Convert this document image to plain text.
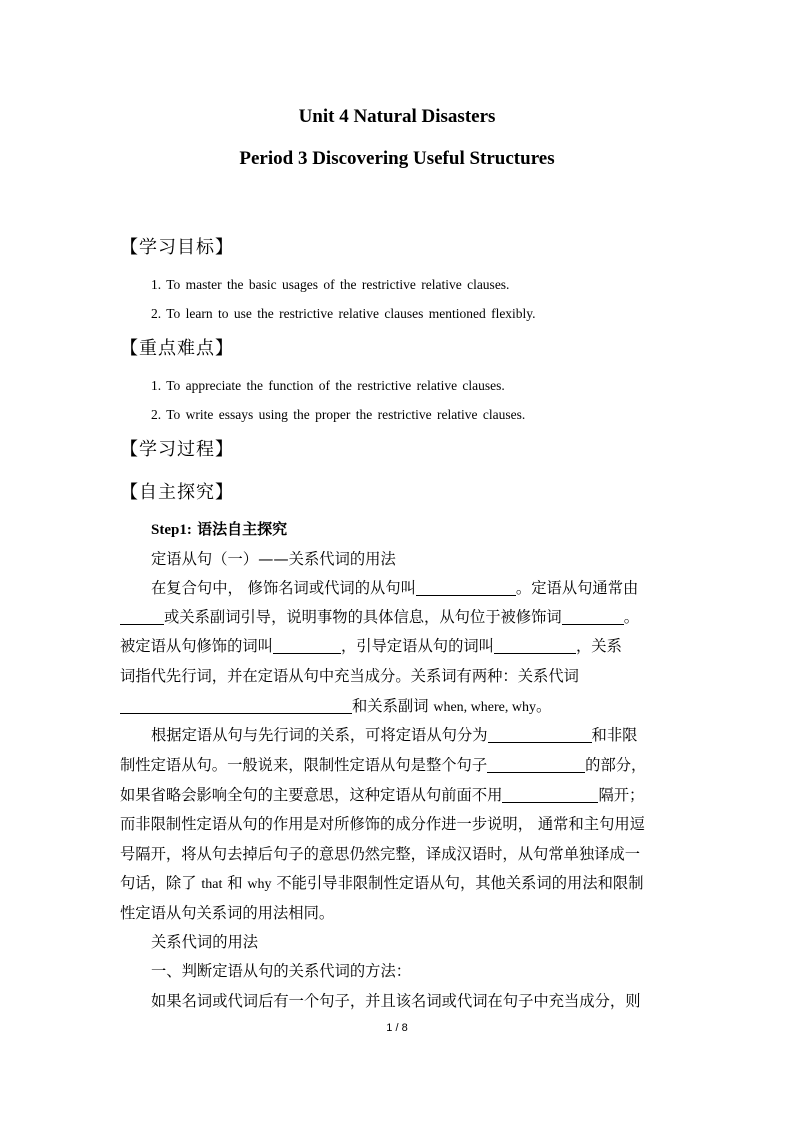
Unit 4 Natural Disasters
Period 3 Discovering Useful Structures
【学习目标】
1. To master the basic usages of the restrictive relative clauses.
2. To learn to use the restrictive relative clauses mentioned flexibly.
【重点难点】
1. To appreciate the function of the restrictive relative clauses.
2. To write essays using the proper the restrictive relative clauses.
【学习过程】
【自主探究】
Step1: 语法自主探究
定语从句（一）——关系代词的用法
在复合句中， 修饰名词或代词的从句叫	。定语从句通常由
或关系副词引导，说明事物的具体信息，从句位于被修饰词	。
被定语从句修饰的词叫	，引导定语从句的词叫	，关系
词指代先行词，并在定语从句中充当成分。关系词有两种：关系代词
和关系副词 when, where, why。
根据定语从句与先行词的关系，可将定语从句分为	和非限
制性定语从句。一般说来，限制性定语从句是整个句子	的部分，
如果省略会影响全句的主要意思，这种定语从句前面不用	隔开；
而非限制性定语从句的作用是对所修饰的成分作进一步说明， 通常和主句用逗
号隔开，将从句去掉后句子的意思仍然完整，译成汉语时，从句常单独译成一
句话，除了 that 和 why 不能引导非限制性定语从句，其他关系词的用法和限制
性定语从句关系词的用法相同。
关系代词的用法
一、判断定语从句的关系代词的方法：
如果名词或代词后有一个句子，并且该名词或代词在句子中充当成分，则
1 / 8
